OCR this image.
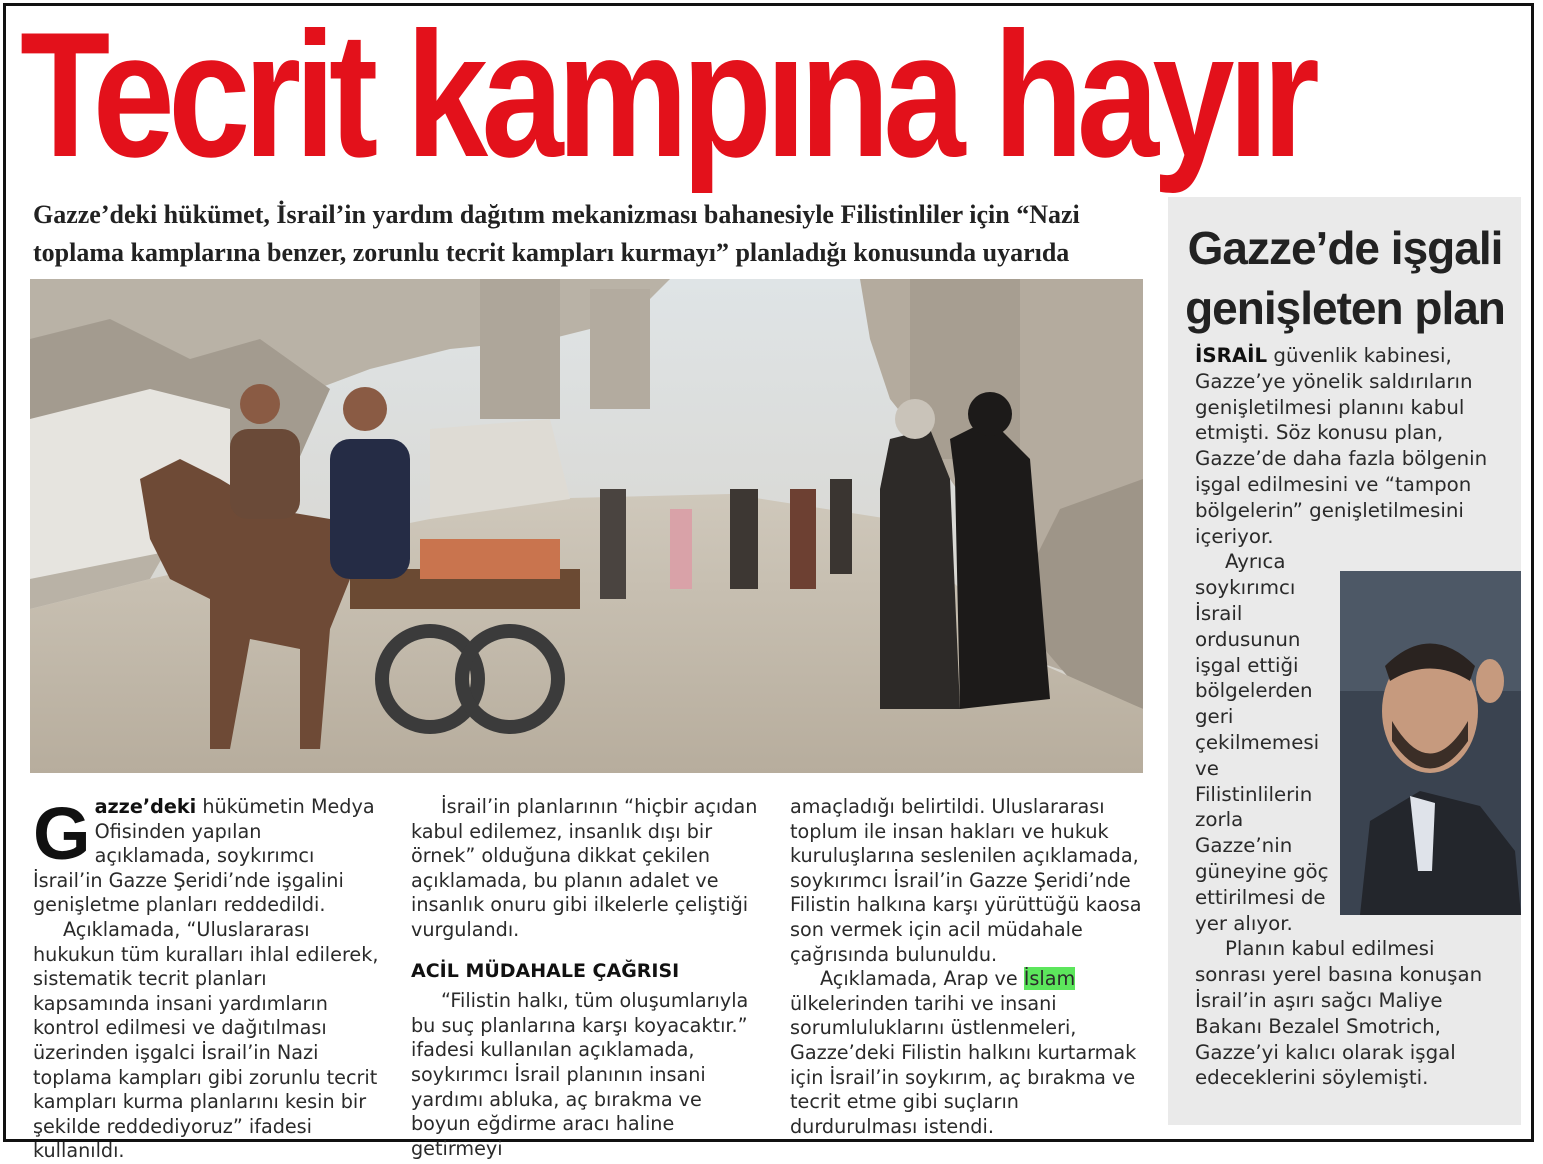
Tecrit kampına hayır
Gazze’deki hükümet, İsrail’in yardım dağıtım mekanizması bahanesiyle Filistinliler için “Nazi toplama kamplarına benzer, zorunlu tecrit kampları kurmayı” planladığı konusunda uyarıda

Gazze’deki hükümetin Medya Ofisinden yapılan açıklamada, soykırımcı İsrail’in Gazze Şeridi’nde işgalini genişletme planları reddedildi.

Açıklamada, “Uluslararası hukukun tüm kuralları ihlal edilerek, sistematik tecrit planları kapsamında insani yardımların kontrol edilmesi ve dağıtılması üzerinden işgalci İsrail’in Nazi toplama kampları gibi zorunlu tecrit kampları kurma planlarını kesin bir şekilde reddediyoruz” ifadesi kullanıldı.

İsrail’in planlarının “hiçbir açıdan kabul edilemez, insanlık dışı bir örnek” olduğuna dikkat çekilen açıklamada, bu planın adalet ve insanlık onuru gibi ilkelerle çeliştiği vurgulandı.

ACİL MÜDAHALE ÇAĞRISI

“Filistin halkı, tüm oluşumlarıyla bu suç planlarına karşı koyacaktır.” ifadesi kullanılan açıklamada, soykırımcı İsrail planının insani yardımı abluka, aç bırakma ve boyun eğdirme aracı haline getirmeyi

amaçladığı belirtildi. Uluslararası toplum ile insan hakları ve hukuk kuruluşlarına seslenilen açıklamada, soykırımcı İsrail’in Gazze Şeridi’nde Filistin halkına karşı yürüttüğü kaosa son vermek için acil müdahale çağrısında bulunuldu.

Açıklamada, Arap ve İslam ülkelerinden tarihi ve insani sorumluluklarını üstlenmeleri, Gazze’deki Filistin halkını kurtarmak için İsrail’in soykırım, aç bırakma ve tecrit etme gibi suçların durdurulması istendi.

Gazze’de işgali genişleten plan

İSRAİL güvenlik kabinesi, Gazze’ye yönelik saldırıların genişletilmesi planını kabul etmişti. Söz konusu plan, Gazze’de daha fazla bölgenin işgal edilmesini ve “tampon bölgelerin” genişletilmesini içeriyor.

Ayrıca soykırımcı İsrail ordusunun işgal ettiği bölgelerden geri çekilmemesi ve Filistinlilerin zorla Gazze’nin güneyine göç ettirilmesi de yer alıyor.

Planın kabul edilmesi sonrası yerel basına konuşan İsrail’in aşırı sağcı Maliye Bakanı Bezalel Smotrich, Gazze’yi kalıcı olarak işgal edeceklerini söylemişti.
